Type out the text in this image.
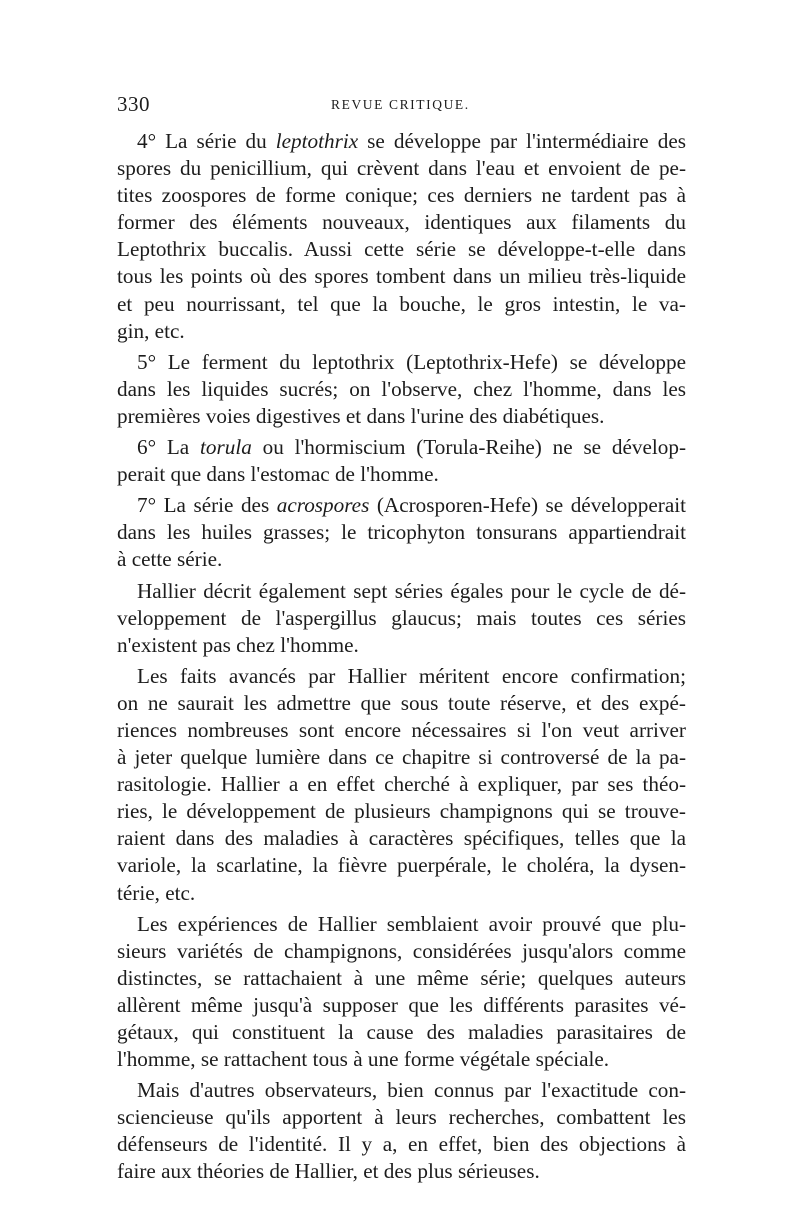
330	REVUE CRITIQUE.
4° La série du leptothrix se développe par l'intermédiaire des
spores du penicillium, qui crèvent dans l'eau et envoient de pe-
tites zoospores de forme conique; ces derniers ne tardent pas à
former des éléments nouveaux, identiques aux filaments du
Leptothrix buccalis. Aussi cette série se développe-t-elle dans
tous les points où des spores tombent dans un milieu très-liquide
et peu nourrissant, tel que la bouche, le gros intestin, le va-
gin, etc.
5° Le ferment du leptothrix (Leptothrix-Hefe) se développe
dans les liquides sucrés; on l'observe, chez l'homme, dans les
premières voies digestives et dans l'urine des diabétiques.
6° La torula ou l'hormiscium (Torula-Reihe) ne se dévelop-
perait que dans l'estomac de l'homme.
7° La série des acrospores (Acrosporen-Hefe) se développerait
dans les huiles grasses; le tricophyton tonsurans appartiendrait
à cette série.
Hallier décrit également sept séries égales pour le cycle de dé-
veloppement de l'aspergillus glaucus; mais toutes ces séries
n'existent pas chez l'homme.
Les faits avancés par Hallier méritent encore confirmation;
on ne saurait les admettre que sous toute réserve, et des expé-
riences nombreuses sont encore nécessaires si l'on veut arriver
à jeter quelque lumière dans ce chapitre si controversé de la pa-
rasitologie. Hallier a en effet cherché à expliquer, par ses théo-
ries, le développement de plusieurs champignons qui se trouve-
raient dans des maladies à caractères spécifiques, telles que la
variole, la scarlatine, la fièvre puerpérale, le choléra, la dysen-
térie, etc.
Les expériences de Hallier semblaient avoir prouvé que plu-
sieurs variétés de champignons, considérées jusqu'alors comme
distinctes, se rattachaient à une même série; quelques auteurs
allèrent même jusqu'à supposer que les différents parasites vé-
gétaux, qui constituent la cause des maladies parasitaires de
l'homme, se rattachent tous à une forme végétale spéciale.
Mais d'autres observateurs, bien connus par l'exactitude con-
sciencieuse qu'ils apportent à leurs recherches, combattent les
défenseurs de l'identité. Il y a, en effet, bien des objections à
faire aux théories de Hallier, et des plus sérieuses.
